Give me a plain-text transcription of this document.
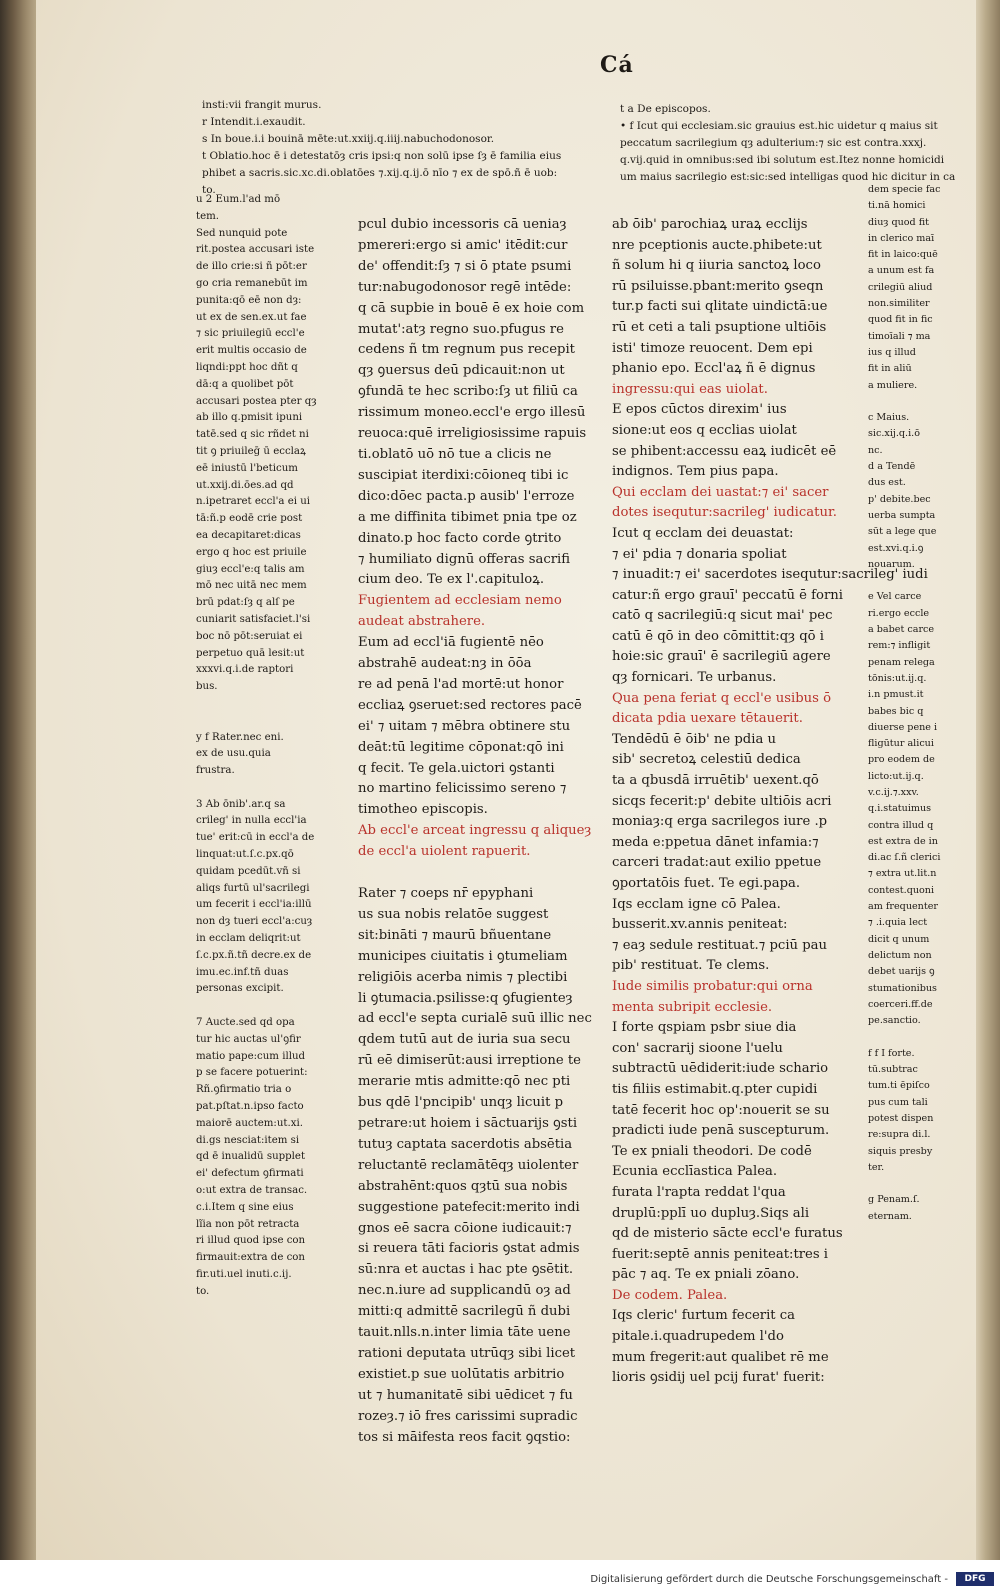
Cá
insti:vii frangit murus.
r Intendit.i.exaudit.
s In boue.i.i bouinā mēte:ut.xxiij.q.iiij.nabuchodonosor.
t Oblatio.hoc ē i detestatōȝ cris ipsi:q non solū ipse ſȝ ē familia eius
phibet a sacris.sic.xc.di.oblatōes ⁊.xij.q.ij.ō nīo ⁊ ex de spō.ñ ē uob:
to.
t a De episcopos.
• f Icut qui ecclesiam.sic grauius est.hic uidetur q maius sit
peccatum sacrilegium qȝ adulterium:⁊ sic est contra.xxxj.
q.vij.quid in omnibus:sed ibi solutum est.Itez nonne homicidi
um maius sacrilegio est:sic:sed intelligas quod hic dicitur in ca
u 2 Eum.l'ad mō
tem.
Sed nunquid pote
rit.postea accusari iste
de illo crie:si ñ pōt:er
go cria remanebūt im
punita:qō eē non dȝ:
ut ex de sen.ex.ut fae
⁊ sic priuilegiū eccl'e
erit multis occasio de
liqndi:ppt hoc dñt q
dā:q a quolibet pōt
accusari postea pter qȝ
ab illo q.pmisit ipuni
tatē.sed q sic rñdet ni
tit ꝯ priuileḡ ū ecclaꝝ
eē iniustū l'beticum
ut.xxij.di.ōes.ad qd
n.ipetraret eccl'a ei ui
tā:ñ.p eodē crie post
ea decapitaret:dicas
ergo q hoc est priuile
giuȝ eccl'e:q talis am
mō nec uitā nec mem
brū pdat:ſȝ q alſ pe
cuniarit satisfaciet.l'si
boc nō pōt:seruiat ei
perpetuo quā lesit:ut
xxxvi.q.i.de raptori
bus.

y f Rater.nec eni.
ex de usu.quia
frustra.

3 Ab ōnib'.ar.q sa
crileg' in nulla eccl'ia
tue' erit:cū in eccl'a de
linquat:ut.ſ.c.px.qō
quidam pcedūt.vñ si
aliqs furtū ul'sacrilegi
um fecerit i eccl'ia:illū
non dȝ tueri eccl'a:cuȝ
in ecclam deliqrit:ut
ſ.c.px.ñ.tñ decre.ex de
imu.ec.inf.tñ duas
personas excipit.

7 Aucte.sed qd opa
tur hic auctas ul'ꝯfir
matio pape:cum illud
p se facere potuerint:
Rñ.ꝯfirmatio tria o
pat.pſtat.n.ipso facto
maiorē auctem:ut.xi.
di.gs nesciat:item si
qd ē inualidū supplet
ei' defectum ꝯfirmati
o:ut extra de transac.
c.i.Item q sine eius
lĩia non pōt retracta
ri illud quod ipse con
firmauit:extra de con
fir.uti.uel inuti.c.ij.
to.
pcul dubio incessoris cā ueniaȝ
pmereri:ergo si amic' itēdit:cur
de' offendit:ſȝ ⁊ si ō ptate psumi
tur:nabugodonosor regē intēde:
q cā supbie in bouē ē ex hoie com
mutat':atȝ regno suo.pfugus re
cedens ñ tm regnum pus recepit
qȝ ꝯuersus deū pdicauit:non ut
ꝯfundā te hec scribo:ſȝ ut filiū ca
rissimum moneo.eccl'e ergo illesū
reuoca:quē irreligiosissime rapuis
ti.oblatō uō nō tue a clicis ne
suscipiat iterdixi:cōioneq tibi ic
dico:dōec pacta.p ausib' l'erroze
a me diffinita tibimet pnia tpe oz
dinato.p hoc facto corde ꝯtrito
⁊ humiliato dignū offeras sacrifi
cium deo. Te ex l'.capituloꝝ.
Fugientem ad ecclesiam nemo
audeat abstrahere.
Eum ad eccl'iā fugientē nēo
abstrahē audeat:nȝ in ōōa
re ad penā l'ad mortē:ut honor
eccliaꝝ ꝯseruet:sed rectores pacē
ei' ⁊ uitam ⁊ mēbra obtinere stu
deāt:tū legitime cōponat:qō ini
q fecit. Te gela.uictori ꝯstanti
no martino felicissimo sereno ⁊
timotheo episcopis.
Ab eccl'e arceat ingressu q aliqueȝ
de eccl'a uiolent rapuerit.

Rater ⁊ coeps nr̄ epyphani
us sua nobis relatōe suggest
sit:bināti ⁊ maurū bñuentane
municipes ciuitatis i ꝯtumeliam
religiōis acerba nimis ⁊ plectibi
li ꝯtumacia.psilisse:q ꝯfugienteȝ
ad eccl'e septa curialē suū illic nec
qdem tutū aut de iuria sua secu
rū eē dimiserūt:ausi irreptione te
merarie mtis admitte:qō nec pti
bus qdē l'pncipib' unqȝ licuit p
petrare:ut hoiem i sāctuarijs ꝯsti
tutuȝ captata sacerdotis absētia
reluctantē reclamātēqȝ uiolenter
abstrahēnt:quos qȝtū sua nobis
suggestione patefecit:merito indi
gnos eē sacra cōione iudicauit:⁊
si reuera tāti facioris ꝯstat admis
sū:nra et auctas i hac pte ꝯsētit.
nec.n.iure ad supplicandū oȝ ad
mitti:q admittē sacrilegū ñ dubi
tauit.nlls.n.inter limia tāte uene
rationi deputata utrūqȝ sibi licet
existiet.p sue uolūtatis arbitrio
ut ⁊ humanitatē sibi uēdicet ⁊ fu
rozeȝ.⁊ iō fres carissimi supradic
tos si māifesta reos facit ꝯqstio:
ab ōib' parochiaꝝ uraꝝ ecclijs
nre pceptionis aucte.phibete:ut
ñ solum hi q iiuria sanctoꝝ loco
rū psiluisse.pbant:merito ꝯseqn
tur.p facti sui qlitate uindictā:ue
rū et ceti a tali psuptione ultiōis
isti' timoze reuocent. Dem epi
phanio epo. Eccl'aꝝ ñ ē dignus
ingressu:qui eas uiolat.
E epos cūctos direxim' ius
sione:ut eos q ecclias uiolat
se phibent:accessu eaꝝ iudicēt eē
indignos. Tem pius papa.
Qui ecclam dei uastat:⁊ ei' sacer
dotes isequtur:sacrileg' iudicatur.
Icut q ecclam dei deuastat:
⁊ ei' pdia ⁊ donaria spoliat
⁊ inuadit:⁊ ei' sacerdotes isequtur:sacrileg' iudi
catur:ñ ergo grauī' peccatū ē forni
catō q sacrilegiū:q sicut mai' pec
catū ē qō in deo cōmittit:qȝ qō i
hoie:sic grauī' ē sacrilegiū agere
qȝ fornicari. Te urbanus.
Qua pena feriat q eccl'e usibus ō
dicata pdia uexare tētauerit.
Tendēdū ē ōib' ne pdia u
sib' secretoꝝ celestiū dedica
ta a qbusdā irruētib' uexent.qō
sicqs fecerit:p' debite ultiōis acri
moniaȝ:q erga sacrilegos iure .p
meda e:ppetua dānet infamia:⁊
carceri tradat:aut exilio ppetue
ꝯportatōis fuet. Te egi.papa.
Iqs ecclam igne cō Palea.
busserit.xv.annis peniteat:
⁊ eaȝ sedule restituat.⁊ pciū pau
pib' restituat. Te clems.
Iude similis probatur:qui orna
menta subripit ecclesie.
I forte qspiam psbr siue dia
con' sacrarij sioone l'uelu
subtractū uēdiderit:iude schario
tis filiis estimabit.q.pter cupidi
tatē fecerit hoc op':nouerit se su
pradicti iude penā suscepturum.
Te ex pniali theodori. De codē
Ecunia ecclīastica Palea.
furata l'rapta reddat l'qua
druplū:pplī uo dupluȝ.Siqs ali
qd de misterio sācte eccl'e furatus
fuerit:septē annis peniteat:tres i
pāc ⁊ aq. Te ex pniali zōano.
De codem. Palea.
Iqs cleric' furtum fecerit ca
pitale.i.quadrupedem l'do
mum fregerit:aut qualibet rē me
lioris ꝯsidij uel pcij furat' fuerit:
dem specie fac
ti.nā homici
diuȝ quod fit
in clerico maī
fit in laico:quē
a unum est fa
crilegiū aliud
non.similiter
quod fit in fic
timoīali ⁊ ma
ius q illud
fit in aliū
a muliere.

c Maius.
sic.xij.q.i.ō
nc.
d a Tendē
dus est.
p' debite.bec
uerba sumpta
sūt a lege que
est.xvi.q.i.ꝯ
nouarum.

e Vel carce
ri.ergo eccle
a babet carce
rem:⁊ infligit
penam relega
tōnis:ut.ij.q.
i.n pmust.it
babes bic q
diuerse pene i
fligūtur alicui
pro eodem de
licto:ut.ij.q.
v.c.ij.⁊.xxv.
q.i.statuimus
contra illud q
est extra de in
di.ac ſ.ñ clerici
⁊ extra ut.lit.n
contest.quoni
am frequenter
⁊ .i.quia lect
dicit q unum
delictum non
debet uarijs ꝯ
stumationibus
coerceri.ff.de
pe.sanctio.

f f I forte.
tū.subtrac
tum.ti ēpiſco
pus cum tali
potest dispen
re:supra di.l.
siquis presby
ter.

g Penam.ſ.
eternam.
Digitalisierung gefördert durch die Deutsche Forschungsgemeinschaft -	DFG
